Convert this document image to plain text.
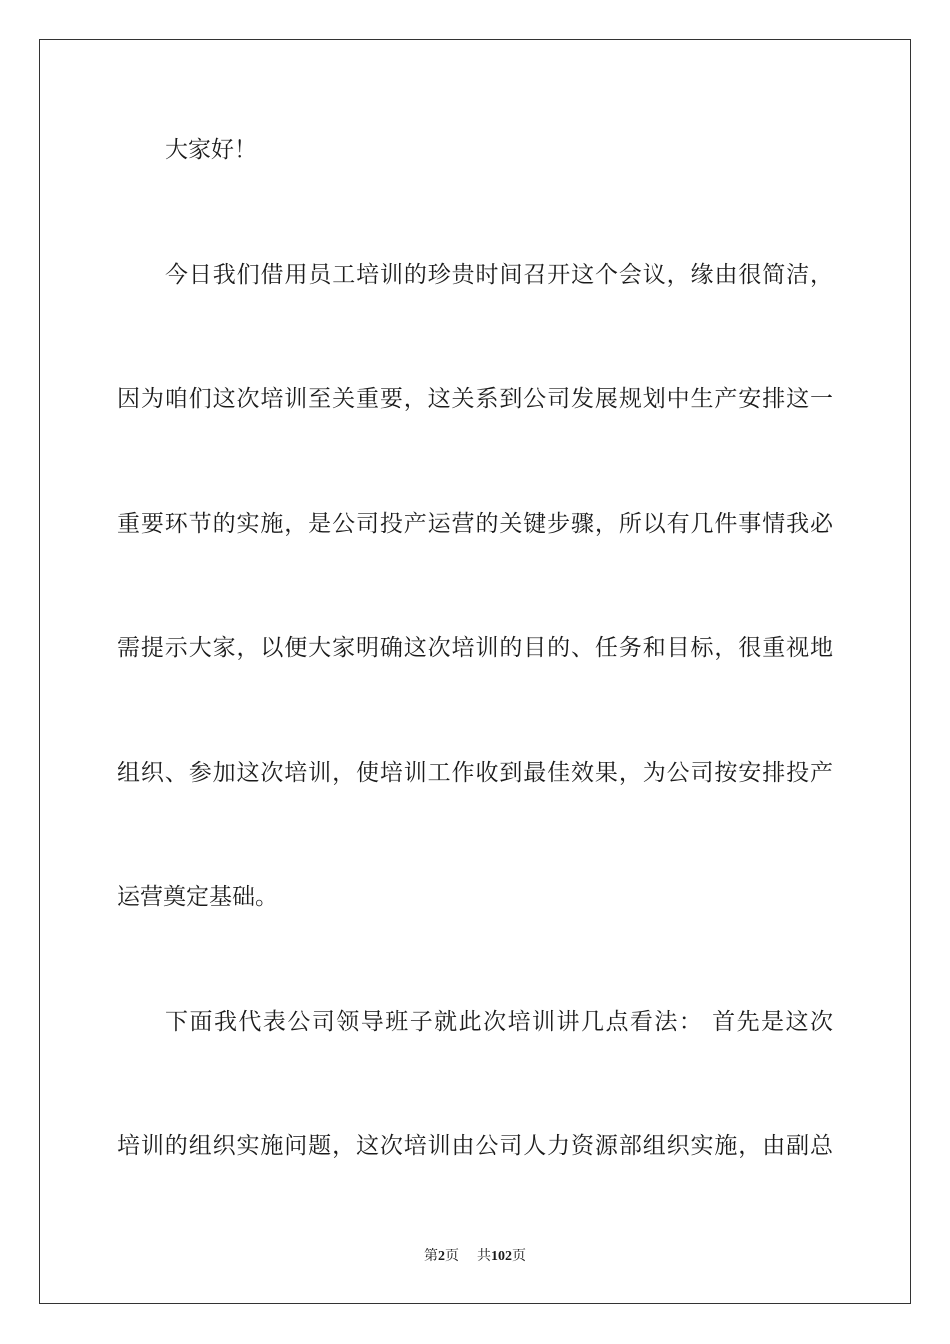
大家好！
今日我们借用员工培训的珍贵时间召开这个会议，缘由很简洁，
因为咱们这次培训至关重要，这关系到公司发展规划中生产安排这一
重要环节的实施，是公司投产运营的关键步骤，所以有几件事情我必
需提示大家，以便大家明确这次培训的目的、任务和目标，很重视地
组织、参加这次培训，使培训工作收到最佳效果，为公司按安排投产
运营奠定基础。
下面我代表公司领导班子就此次培训讲几点看法： 首先是这次
培训的组织实施问题，这次培训由公司人力资源部组织实施，由副总
第2页 共102页
